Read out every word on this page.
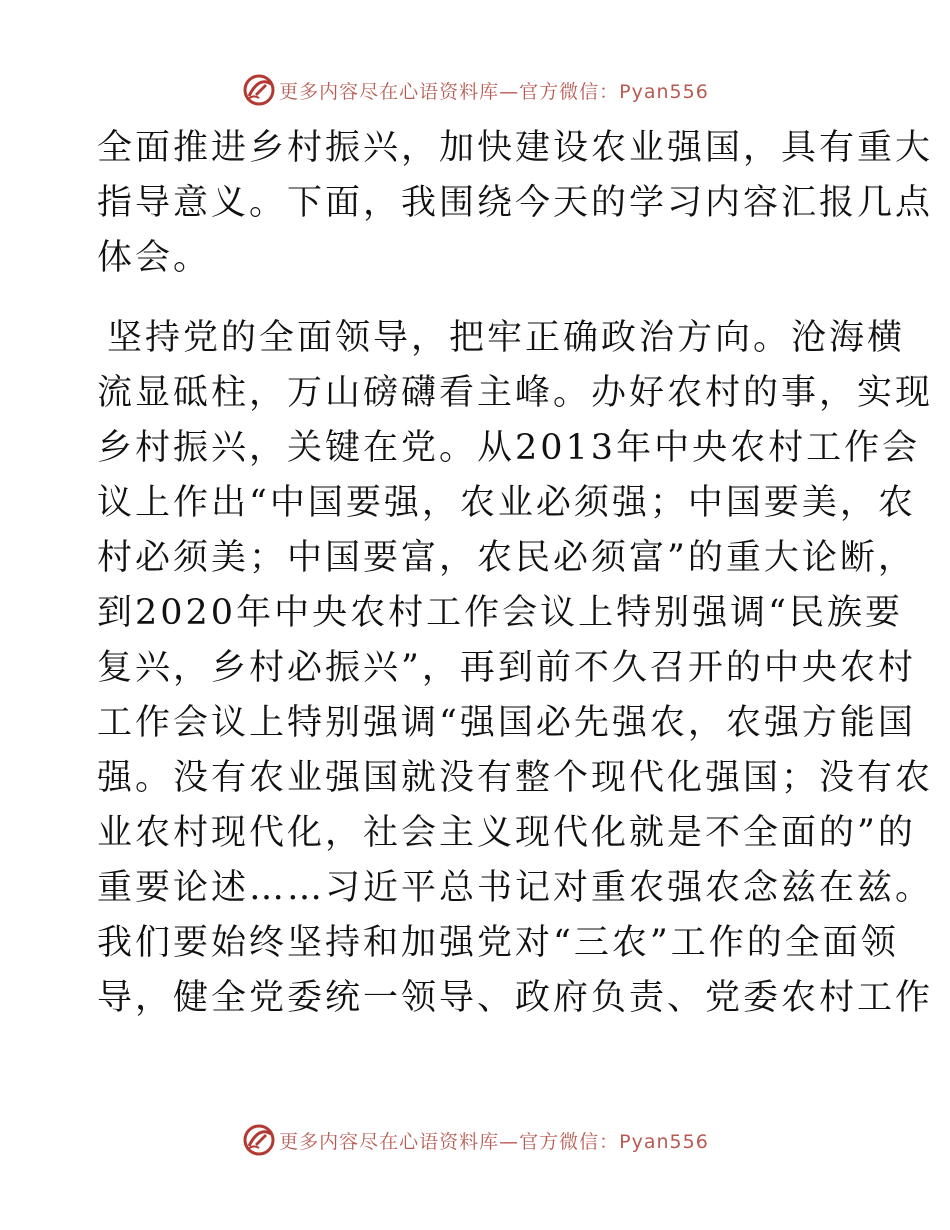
更多内容尽在心语资料库—官方微信：Pyan556
全面推进乡村振兴，加快建设农业强国，具有重大
指导意义。下面，我围绕今天的学习内容汇报几点
体会。
坚持党的全面领导，把牢正确政治方向。沧海横
流显砥柱，万山磅礴看主峰。办好农村的事，实现
乡村振兴，关键在党。从2013年中央农村工作会
议上作出“中国要强，农业必须强；中国要美，农
村必须美；中国要富，农民必须富”的重大论断，
到2020年中央农村工作会议上特别强调“民族要
复兴，乡村必振兴”，再到前不久召开的中央农村
工作会议上特别强调“强国必先强农，农强方能国
强。没有农业强国就没有整个现代化强国；没有农
业农村现代化，社会主义现代化就是不全面的”的
重要论述……习近平总书记对重农强农念兹在兹。
我们要始终坚持和加强党对“三农”工作的全面领
导，健全党委统一领导、政府负责、党委农村工作
更多内容尽在心语资料库—官方微信：Pyan556
